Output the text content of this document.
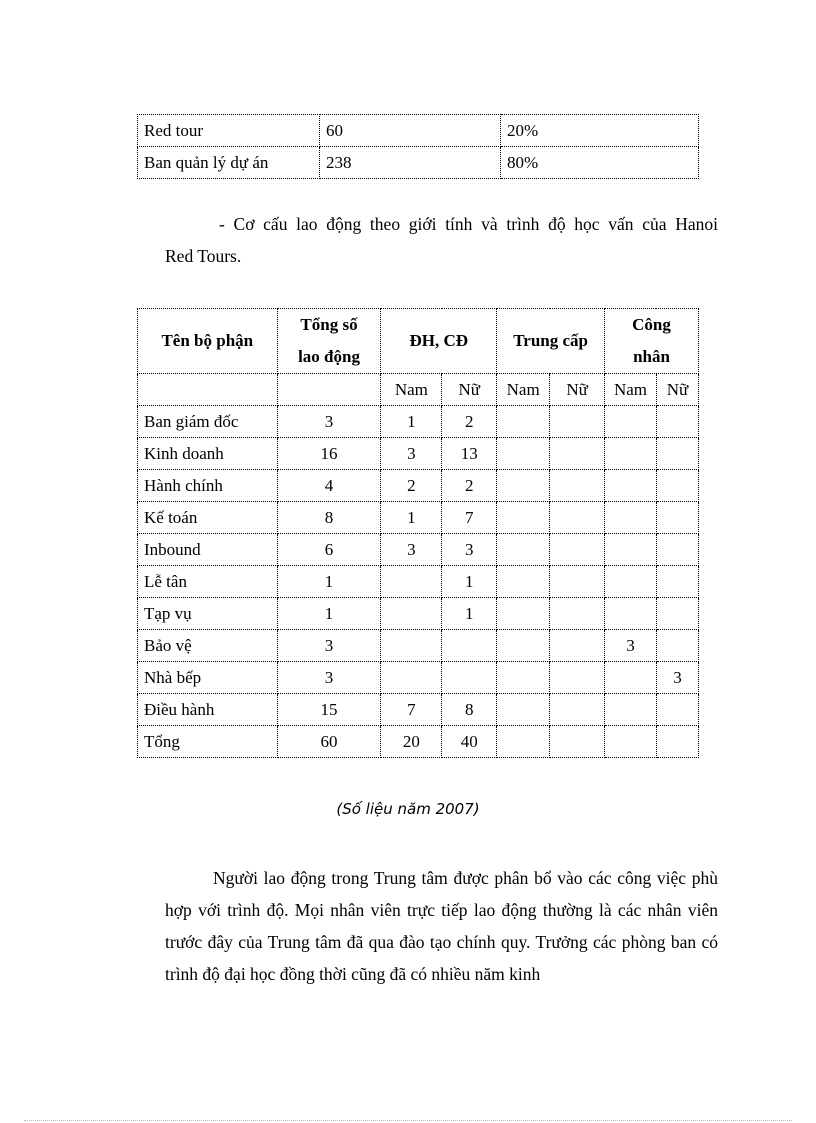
Red tour	60	20%
Ban quản lý dự án	238	80%

- Cơ cấu lao động theo giới tính và trình độ học vấn của Hanoi

Red Tours.

Tên bộ phận	Tổng số lao động	ĐH, CĐ		Trung cấp		Công nhân	
		Nam	Nữ	Nam	Nữ	Nam	Nữ
Ban giám đốc	3	1	2				
Kinh doanh	16	3	13				
Hành chính	4	2	2				
Kế toán	8	1	7				
Inbound	6	3	3				
Lễ tân	1		1				
Tạp vụ	1		1				
Bảo vệ	3					3	
Nhà bếp	3						3
Điều hành	15	7	8				
Tổng	60	20	40				
(Số liệu năm 2007)

Người lao động trong Trung tâm được phân bổ vào các công việc phù hợp với trình độ. Mọi nhân viên trực tiếp lao động thường là các nhân viên trước đây của Trung tâm đã qua đào tạo chính quy. Trưởng các phòng ban có trình độ đại học đồng thời cũng đã có nhiều năm kinh
